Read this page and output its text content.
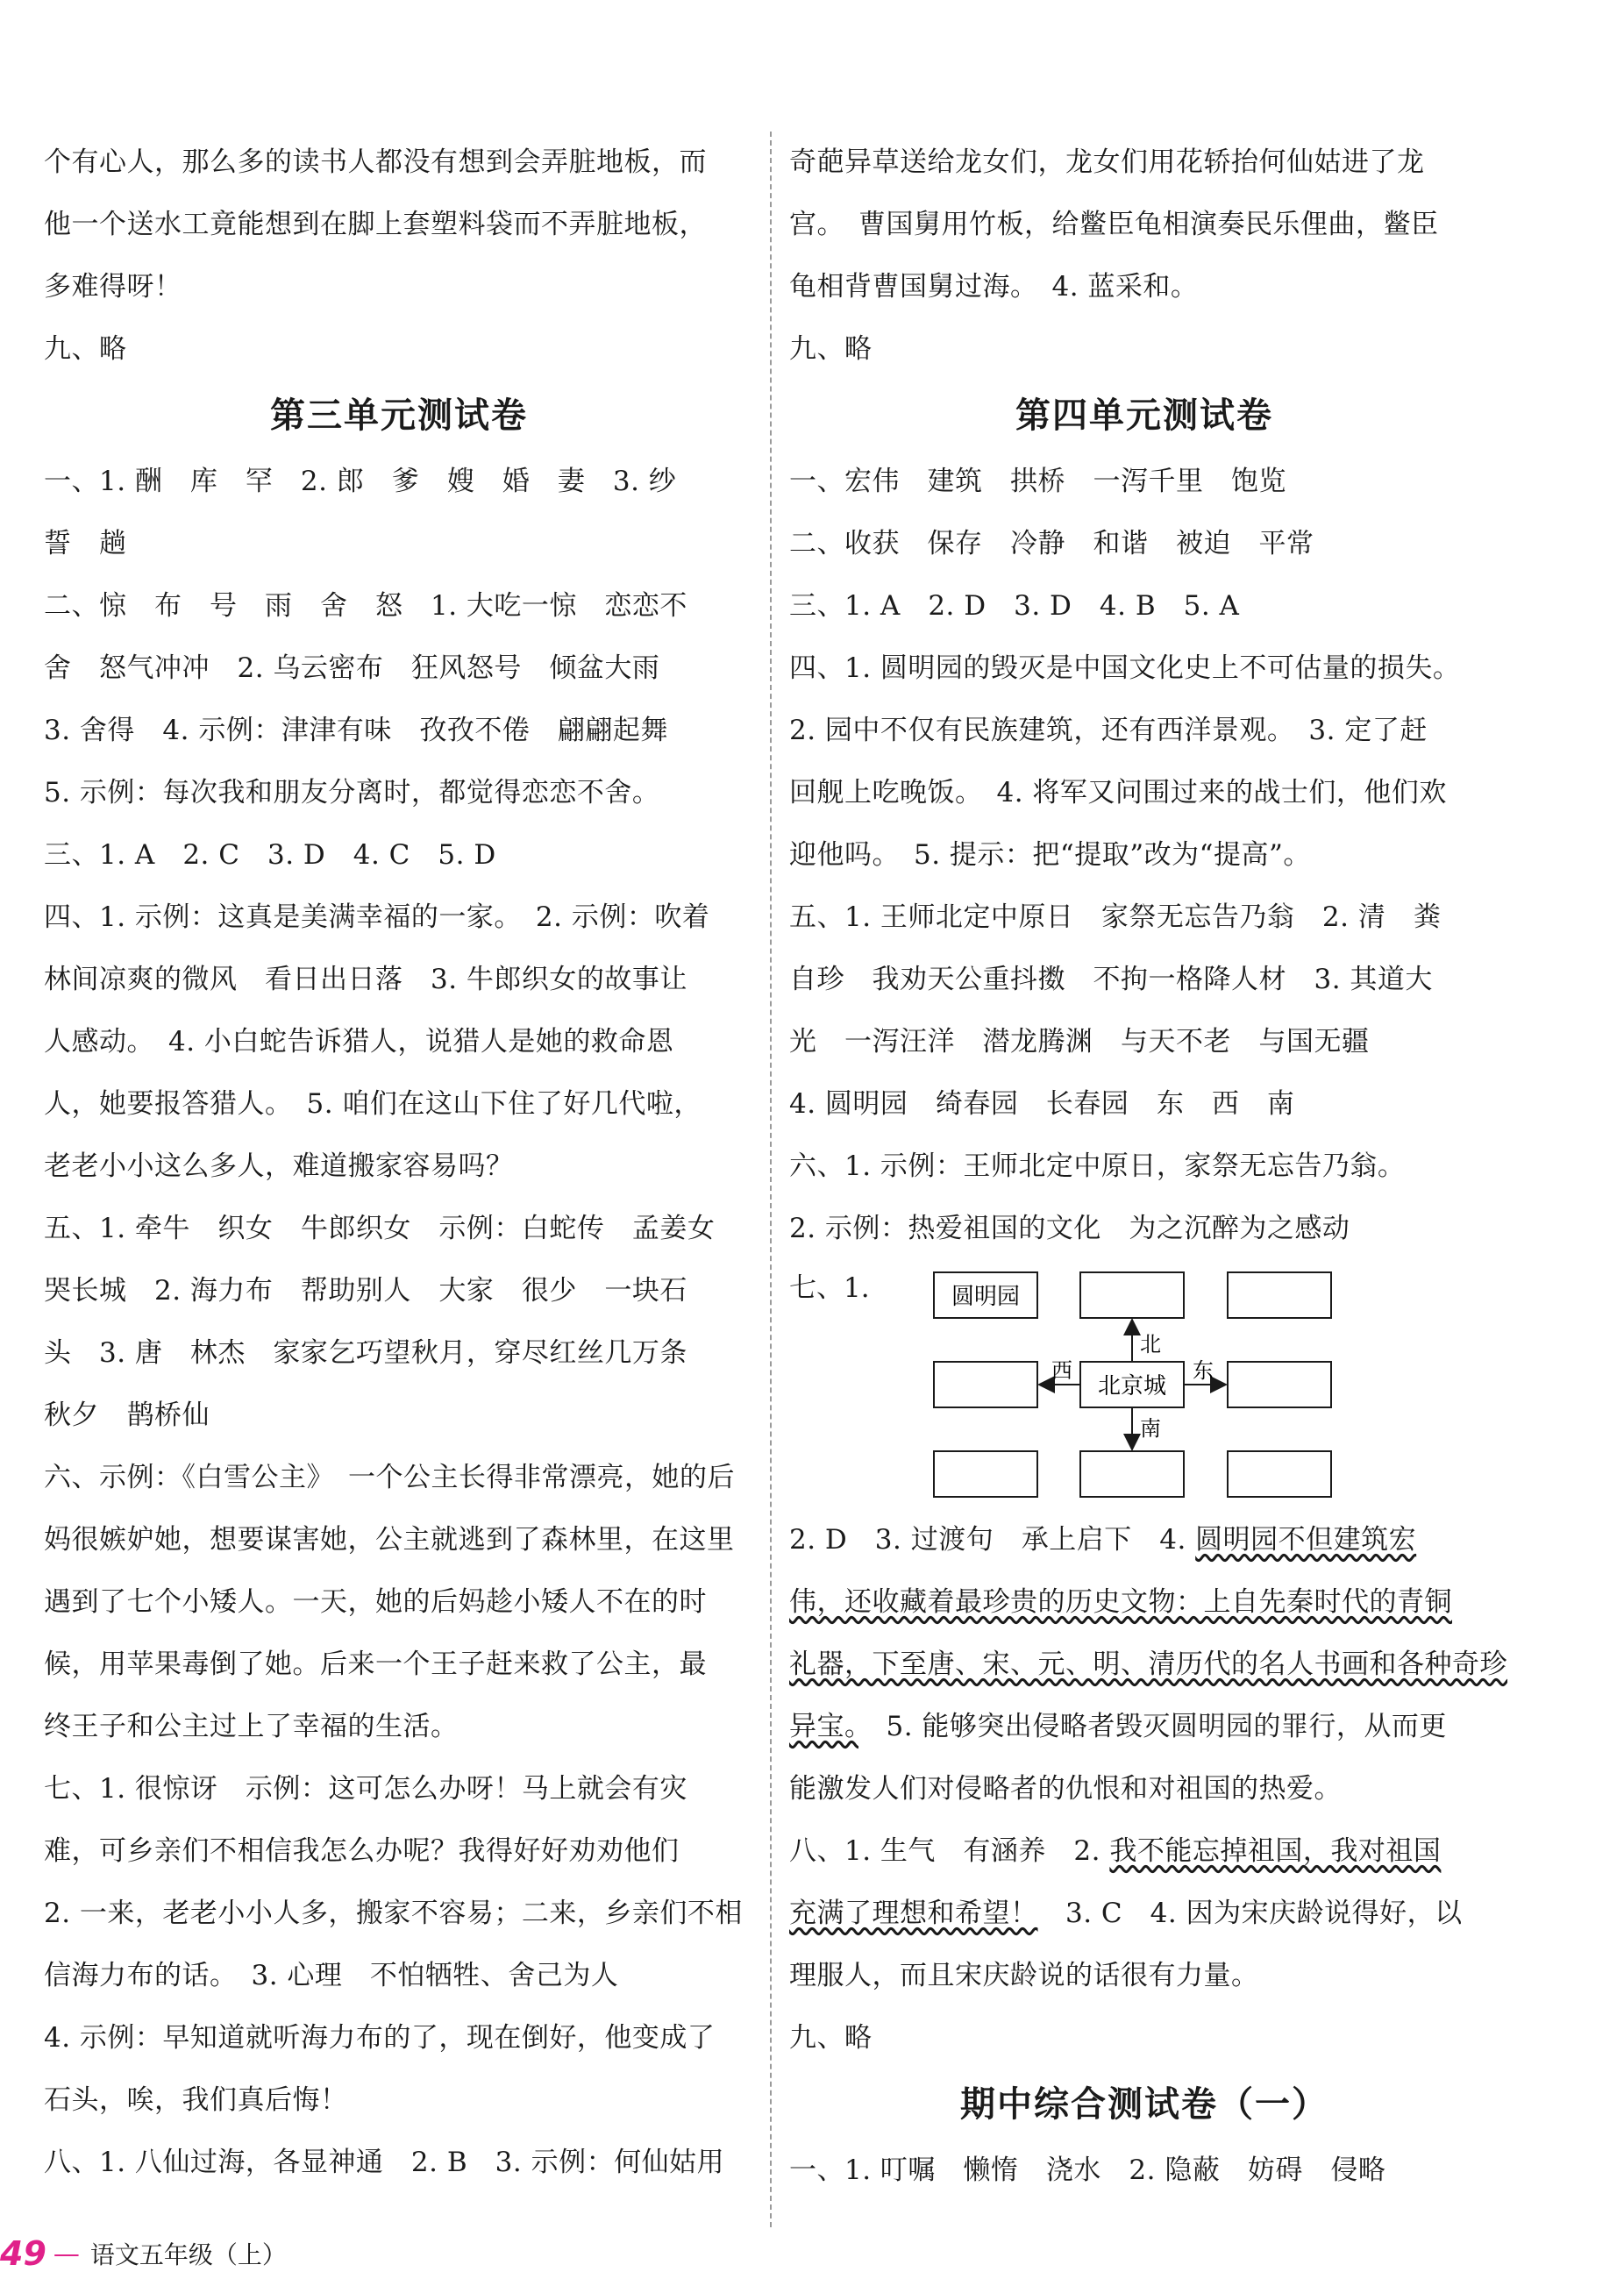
个有心人，那么多的读书人都没有想到会弄脏地板，而

他一个送水工竟能想到在脚上套塑料袋而不弄脏地板，

多难得呀！

九、略

第三单元测试卷

一、1. 酬　库　罕　2. 郎　爹　嫂　婚　妻　3. 纱

誓　趟

二、惊　布　号　雨　舍　怒　1. 大吃一惊　恋恋不

舍　怒气冲冲　2. 乌云密布　狂风怒号　倾盆大雨

3. 舍得　4. 示例：津津有味　孜孜不倦　翩翩起舞

5. 示例：每次我和朋友分离时，都觉得恋恋不舍。

三、1. A　2. C　3. D　4. C　5. D

四、1. 示例：这真是美满幸福的一家。　2. 示例：吹着

林间凉爽的微风　看日出日落　3. 牛郎织女的故事让

人感动。　4. 小白蛇告诉猎人，说猎人是她的救命恩

人，她要报答猎人。　5. 咱们在这山下住了好几代啦，

老老小小这么多人，难道搬家容易吗？

五、1. 牵牛　织女　牛郎织女　示例：白蛇传　孟姜女

哭长城　2. 海力布　帮助别人　大家　很少　一块石

头　3. 唐　林杰　家家乞巧望秋月，穿尽红丝几万条

秋夕　鹊桥仙

六、示例：《白雪公主》　一个公主长得非常漂亮，她的后

妈很嫉妒她，想要谋害她，公主就逃到了森林里，在这里

遇到了七个小矮人。一天，她的后妈趁小矮人不在的时

候，用苹果毒倒了她。后来一个王子赶来救了公主，最

终王子和公主过上了幸福的生活。

七、1. 很惊讶　示例：这可怎么办呀！马上就会有灾

难，可乡亲们不相信我怎么办呢？我得好好劝劝他们

2. 一来，老老小小人多，搬家不容易；二来，乡亲们不相

信海力布的话。　3. 心理　不怕牺牲、舍己为人

4. 示例：早知道就听海力布的了，现在倒好，他变成了

石头，唉，我们真后悔！

八、1. 八仙过海，各显神通　2. B　3. 示例：何仙姑用

奇葩异草送给龙女们，龙女们用花轿抬何仙姑进了龙

宫。　曹国舅用竹板，给鳖臣龟相演奏民乐俚曲，鳖臣

龟相背曹国舅过海。　4. 蓝采和。

九、略

第四单元测试卷

一、宏伟　建筑　拱桥　一泻千里　饱览

二、收获　保存　冷静　和谐　被迫　平常

三、1. A　2. D　3. D　4. B　5. A

四、1. 圆明园的毁灭是中国文化史上不可估量的损失。

2. 园中不仅有民族建筑，还有西洋景观。　3. 定了赶

回舰上吃晚饭。　4. 将军又问围过来的战士们，他们欢

迎他吗。　5. 提示：把“提取”改为“提高”。

五、1. 王师北定中原日　家祭无忘告乃翁　2. 清　粪

自珍　我劝天公重抖擞　不拘一格降人材　3. 其道大

光　一泻汪洋　潜龙腾渊　与天不老　与国无疆

4. 圆明园　绮春园　长春园　东　西　南

六、1. 示例：王师北定中原日，家祭无忘告乃翁。

2. 示例：热爱祖国的文化　为之沉醉为之感动

七、1.	圆明园
北京城
北
南
西	东

2. D　3. 过渡句　承上启下　4. 圆明园不但建筑宏

伟，还收藏着最珍贵的历史文物：上自先秦时代的青铜

礼器，下至唐、宋、元、明、清历代的名人书画和各种奇珍

异宝。　5. 能够突出侵略者毁灭圆明园的罪行，从而更

能激发人们对侵略者的仇恨和对祖国的热爱。

八、1. 生气　有涵养　2. 我不能忘掉祖国，我对祖国

充满了理想和希望！　3. C　4. 因为宋庆龄说得好，以

理服人，而且宋庆龄说的话很有力量。

九、略

期中综合测试卷（一）

一、1. 叮嘱　懒惰　浇水　2. 隐蔽　妨碍　侵略

49 — 语文五年级（上）
